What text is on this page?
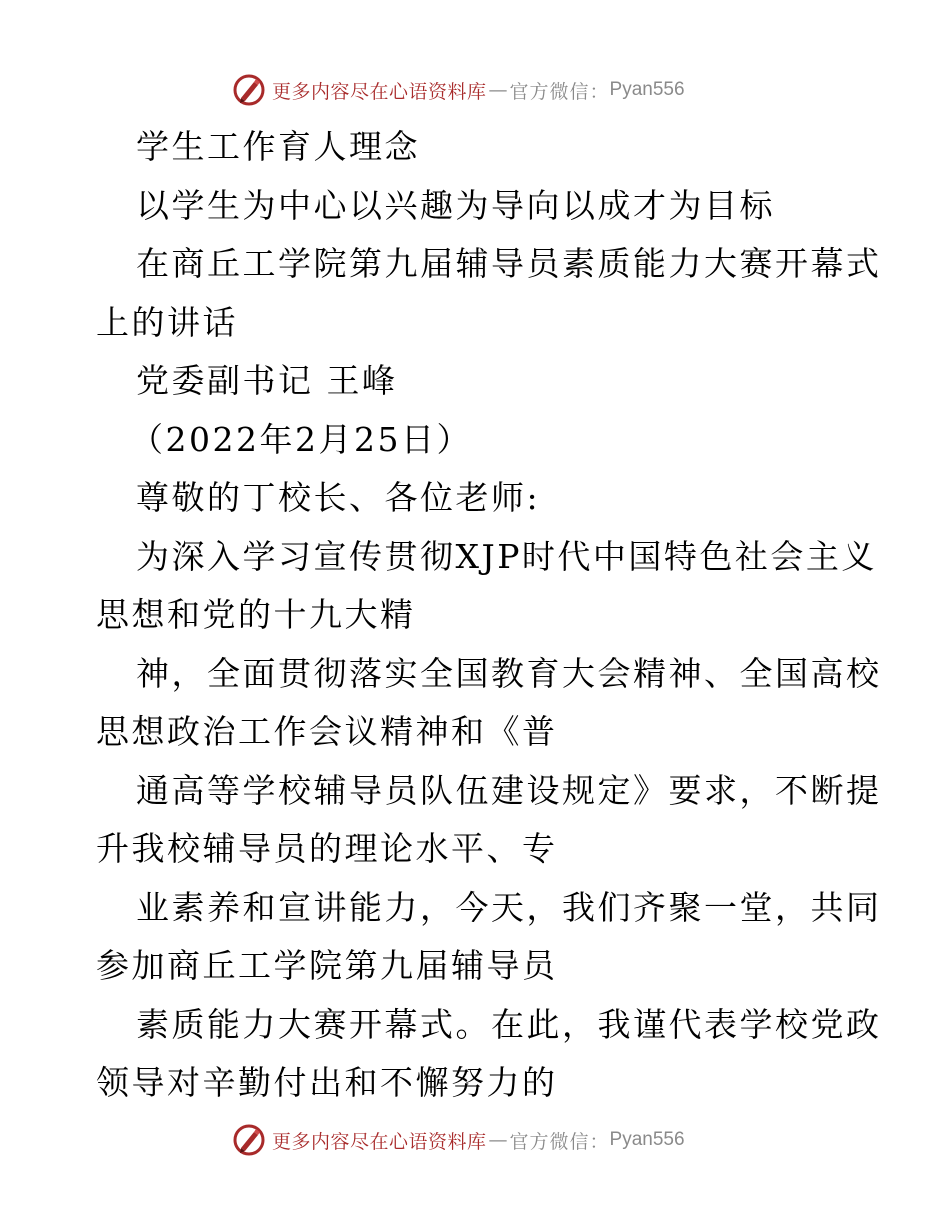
更多内容尽在心语资料库 — 官方微信： Pyan556
学生工作育人理念
以学生为中心以兴趣为导向以成才为目标
在商丘工学院第九届辅导员素质能力大赛开幕式
上的讲话
党委副书记 王峰
（2022年2月25日）
尊敬的丁校长、各位老师:
为深入学习宣传贯彻XJP时代中国特色社会主义
思想和党的十九大精
神，全面贯彻落实全国教育大会精神、全国高校
思想政治工作会议精神和《普
通高等学校辅导员队伍建设规定》要求，不断提
升我校辅导员的理论水平、专
业素养和宣讲能力，今天，我们齐聚一堂，共同
参加商丘工学院第九届辅导员
素质能力大赛开幕式。在此，我谨代表学校党政
领导对辛勤付出和不懈努力的
更多内容尽在心语资料库 — 官方微信： Pyan556
